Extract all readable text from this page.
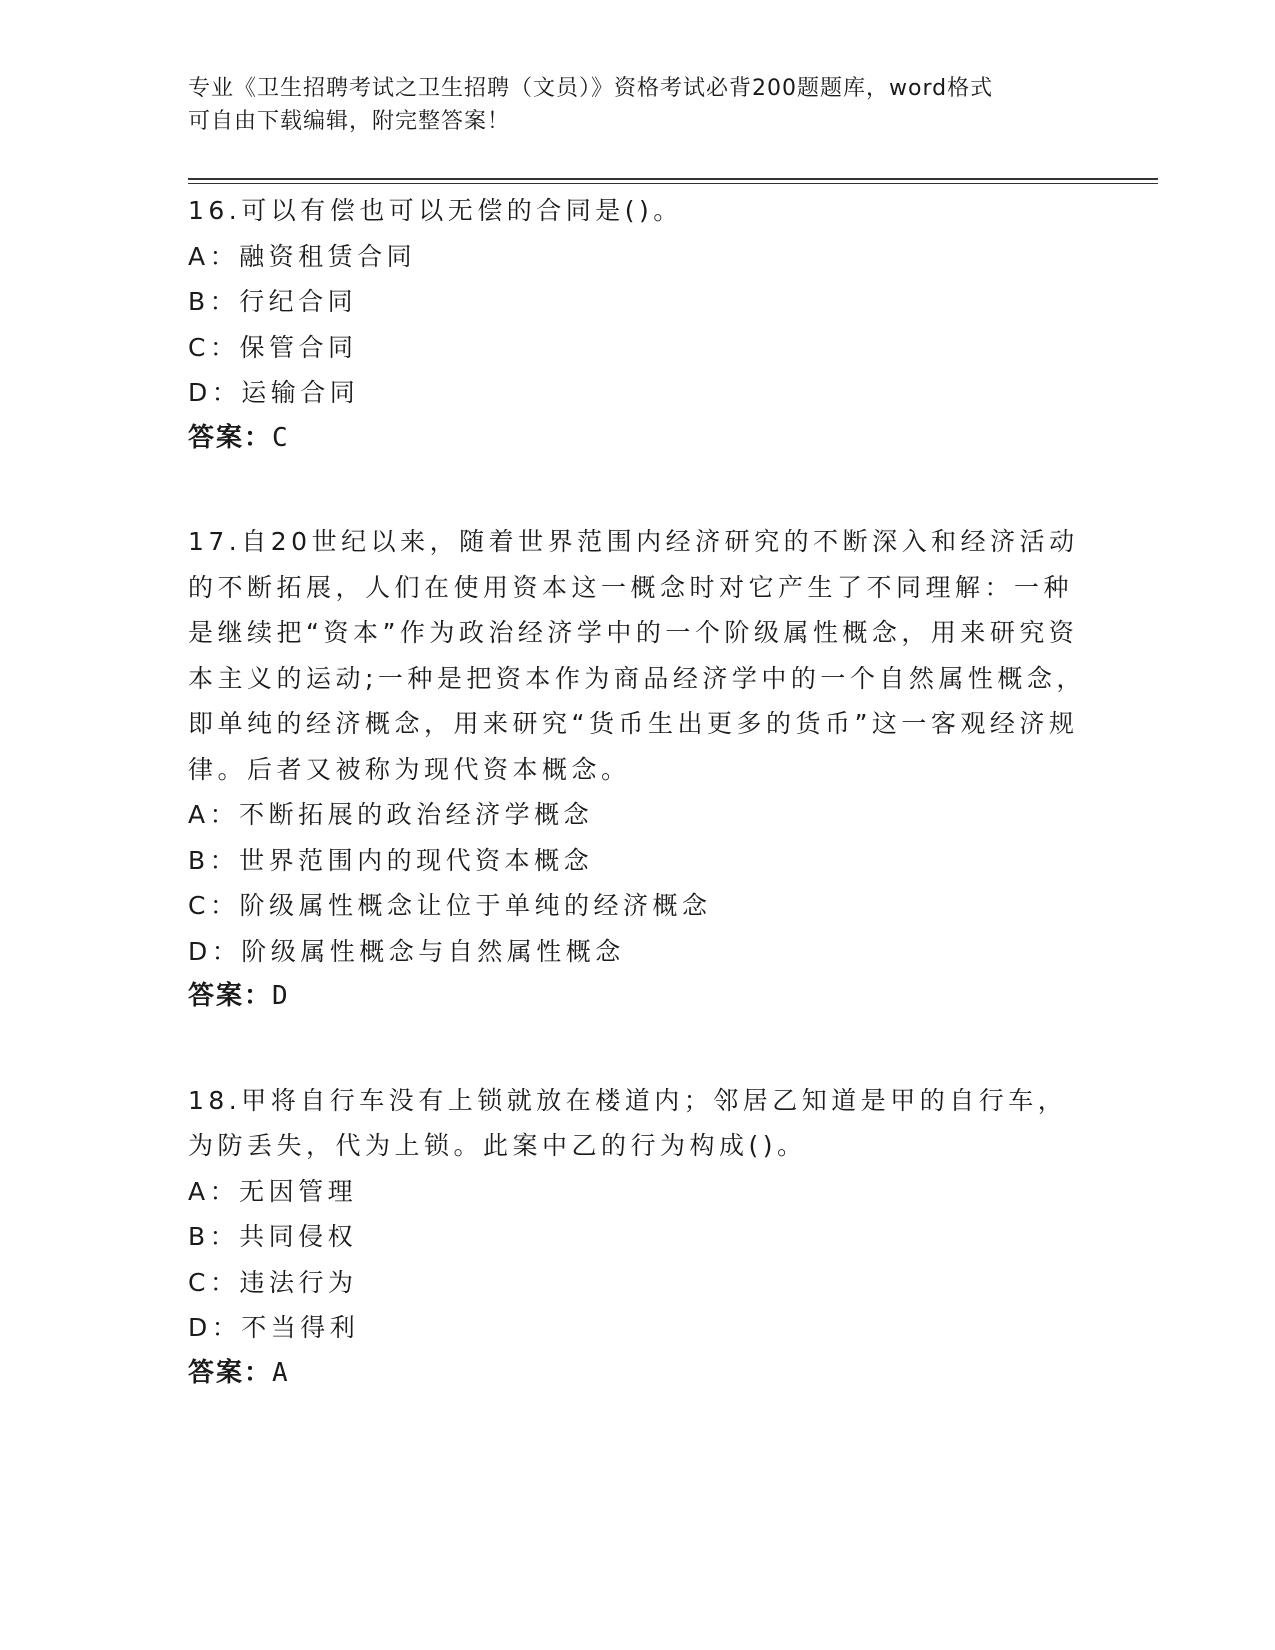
专业《卫生招聘考试之卫生招聘（文员）》资格考试必背200题题库，word格式
可自由下载编辑，附完整答案！

16.可以有偿也可以无偿的合同是()。

A：融资租赁合同

B：行纪合同

C：保管合同

D：运输合同

答案：C

17.自20世纪以来，随着世界范围内经济研究的不断深入和经济活动的不断拓展，人们在使用资本这一概念时对它产生了不同理解：一种是继续把“资本”作为政治经济学中的一个阶级属性概念，用来研究资本主义的运动;一种是把资本作为商品经济学中的一个自然属性概念，即单纯的经济概念，用来研究“货币生出更多的货币”这一客观经济规律。后者又被称为现代资本概念。

A：不断拓展的政治经济学概念

B：世界范围内的现代资本概念

C：阶级属性概念让位于单纯的经济概念

D：阶级属性概念与自然属性概念

答案：D

18.甲将自行车没有上锁就放在楼道内；邻居乙知道是甲的自行车，为防丢失，代为上锁。此案中乙的行为构成()。

A：无因管理

B：共同侵权

C：违法行为

D：不当得利

答案：A
